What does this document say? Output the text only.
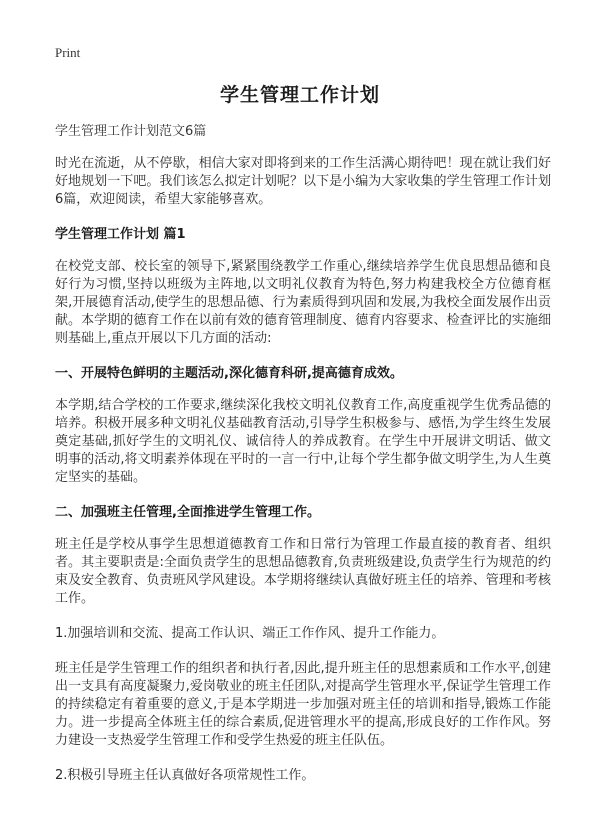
Print
学生管理工作计划
学生管理工作计划范文6篇

时光在流逝，从不停歇，相信大家对即将到来的工作生活满心期待吧！现在就让我们好好地规划一下吧。我们该怎么拟定计划呢？以下是小编为大家收集的学生管理工作计划6篇，欢迎阅读，希望大家能够喜欢。

学生管理工作计划 篇1

在校党支部、校长室的领导下,紧紧围绕教学工作重心,继续培养学生优良思想品德和良好行为习惯,坚持以班级为主阵地,以文明礼仪教育为特色,努力构建我校全方位德育框架,开展德育活动,使学生的思想品德、行为素质得到巩固和发展,为我校全面发展作出贡献。本学期的德育工作在以前有效的德育管理制度、德育内容要求、检查评比的实施细则基础上,重点开展以下几方面的活动:

一、开展特色鲜明的主题活动,深化德育科研,提高德育成效。

本学期,结合学校的工作要求,继续深化我校文明礼仪教育工作,高度重视学生优秀品德的培养。积极开展多种文明礼仪基础教育活动,引导学生积极参与、感悟,为学生终生发展奠定基础,抓好学生的文明礼仪、诚信待人的养成教育。在学生中开展讲文明话、做文明事的活动,将文明素养体现在平时的一言一行中,让每个学生都争做文明学生,为人生奠定坚实的基础。

二、加强班主任管理,全面推进学生管理工作。

班主任是学校从事学生思想道德教育工作和日常行为管理工作最直接的教育者、组织者。其主要职责是:全面负责学生的思想品德教育,负责班级建设,负责学生行为规范的约束及安全教育、负责班风学风建设。本学期将继续认真做好班主任的培养、管理和考核工作。

1.加强培训和交流、提高工作认识、端正工作作风、提升工作能力。

班主任是学生管理工作的组织者和执行者,因此,提升班主任的思想素质和工作水平,创建出一支具有高度凝聚力,爱岗敬业的班主任团队,对提高学生管理水平,保证学生管理工作的持续稳定有着重要的意义,于是本学期进一步加强对班主任的培训和指导,锻炼工作能力。进一步提高全体班主任的综合素质,促进管理水平的提高,形成良好的工作作风。努力建设一支热爱学生管理工作和受学生热爱的班主任队伍。

2.积极引导班主任认真做好各项常规性工作。
